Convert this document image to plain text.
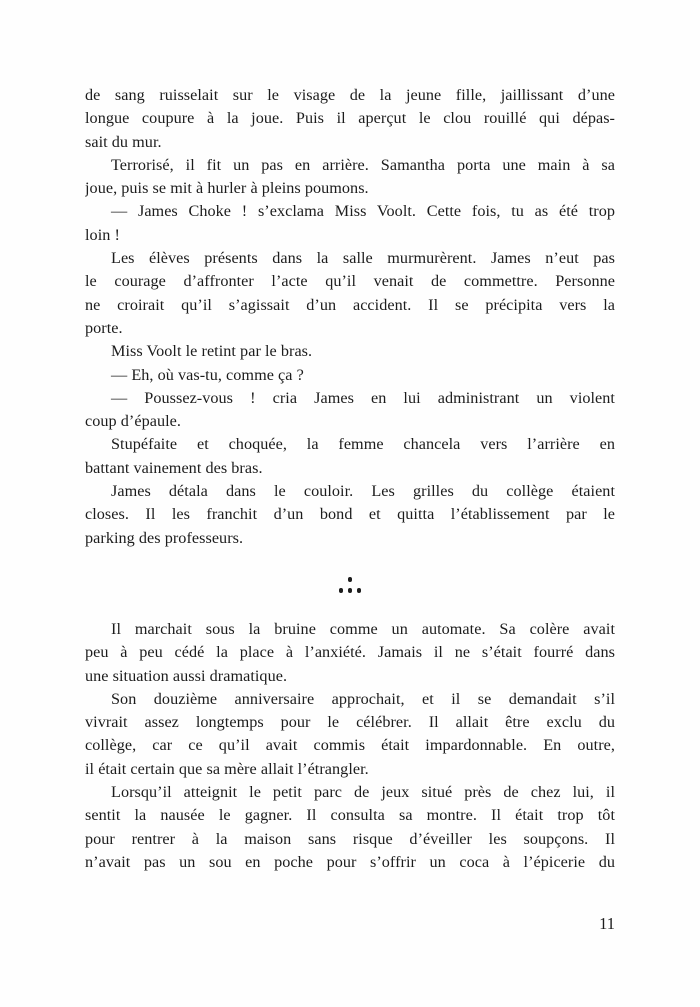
de sang ruisselait sur le visage de la jeune fille, jaillissant d’une
longue coupure à la joue. Puis il aperçut le clou rouillé qui dépas-
sait du mur.
Terrorisé, il fit un pas en arrière. Samantha porta une main à sa
joue, puis se mit à hurler à pleins poumons.
— James Choke ! s’exclama Miss Voolt. Cette fois, tu as été trop
loin !
Les élèves présents dans la salle murmurèrent. James n’eut pas
le courage d’affronter l’acte qu’il venait de commettre. Personne
ne croirait qu’il s’agissait d’un accident. Il se précipita vers la
porte.
Miss Voolt le retint par le bras.
— Eh, où vas-tu, comme ça ?
— Poussez-vous ! cria James en lui administrant un violent
coup d’épaule.
Stupéfaite et choquée, la femme chancela vers l’arrière en
battant vainement des bras.
James détala dans le couloir. Les grilles du collège étaient
closes. Il les franchit d’un bond et quitta l’établissement par le
parking des professeurs.
Il marchait sous la bruine comme un automate. Sa colère avait
peu à peu cédé la place à l’anxiété. Jamais il ne s’était fourré dans
une situation aussi dramatique.
Son douzième anniversaire approchait, et il se demandait s’il
vivrait assez longtemps pour le célébrer. Il allait être exclu du
collège, car ce qu’il avait commis était impardonnable. En outre,
il était certain que sa mère allait l’étrangler.
Lorsqu’il atteignit le petit parc de jeux situé près de chez lui, il
sentit la nausée le gagner. Il consulta sa montre. Il était trop tôt
pour rentrer à la maison sans risque d’éveiller les soupçons. Il
n’avait pas un sou en poche pour s’offrir un coca à l’épicerie du
11
